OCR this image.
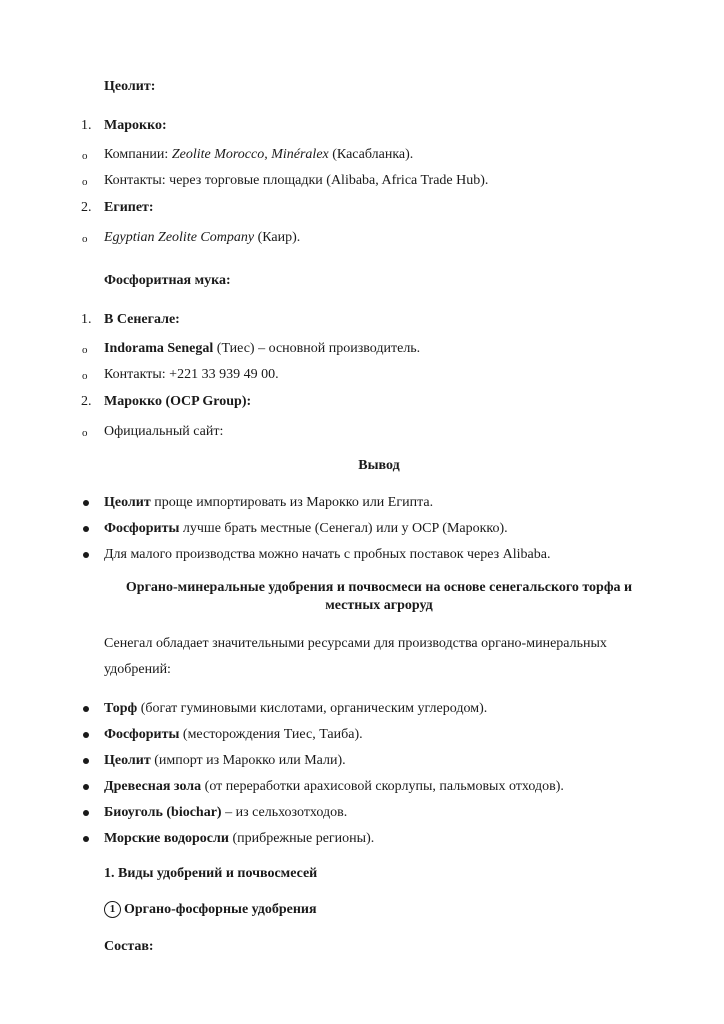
Цеолит:
1. Марокко:
o Компании: Zeolite Morocco, Minéralex (Касабланка).
o Контакты: через торговые площадки (Alibaba, Africa Trade Hub).
2. Египет:
o Egyptian Zeolite Company (Каир).
Фосфоритная мука:
1. В Сенегале:
o Indorama Senegal (Тиес) – основной производитель.
o Контакты: +221 33 939 49 00.
2. Марокко (OCP Group):
o Официальный сайт:
Вывод
Цеолит проще импортировать из Марокко или Египта.
Фосфориты лучше брать местные (Сенегал) или у OCP (Марокко).
Для малого производства можно начать с пробных поставок через Alibaba.
Органо-минеральные удобрения и почвосмеси на основе сенегальского торфа и
местных агроруд
Сенегал обладает значительными ресурсами для производства органо-минеральных
удобрений:
Торф (богат гуминовыми кислотами, органическим углеродом).
Фосфориты (месторождения Тиес, Таиба).
Цеолит (импорт из Марокко или Мали).
Древесная зола (от переработки арахисовой скорлупы, пальмовых отходов).
Биоуголь (biochar) – из сельхозотходов.
Морские водоросли (прибрежные регионы).
1. Виды удобрений и почвосмесей
1 Органо-фосфорные удобрения
Состав:
